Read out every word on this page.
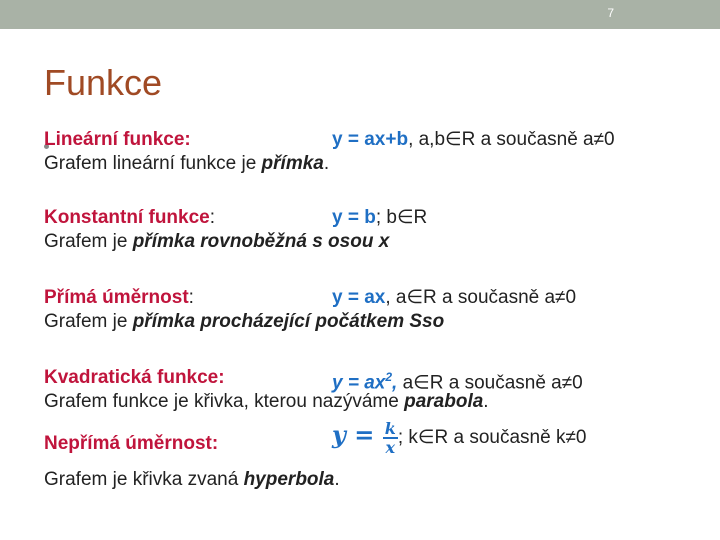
7
Funkce
Lineární funkce:	y = ax+b, a,b∈R a současně a≠0
Grafem lineární funkce je přímka.
Konstantní funkce:	y = b; b∈R
Grafem je přímka rovnoběžná s osou x
Přímá úměrnost:	y = ax, a∈R a současně a≠0
Grafem je přímka procházející počátkem Sso
Kvadratická funkce:	$y = ax^2$, a∈R a současně a≠0
Grafem funkce je křivka, kterou nazýváme parabola.
Nepřímá úměrnost:	$y = \frac{k}{x}$ ; k∈R a současně k≠0
Grafem je křivka zvaná hyperbola.
